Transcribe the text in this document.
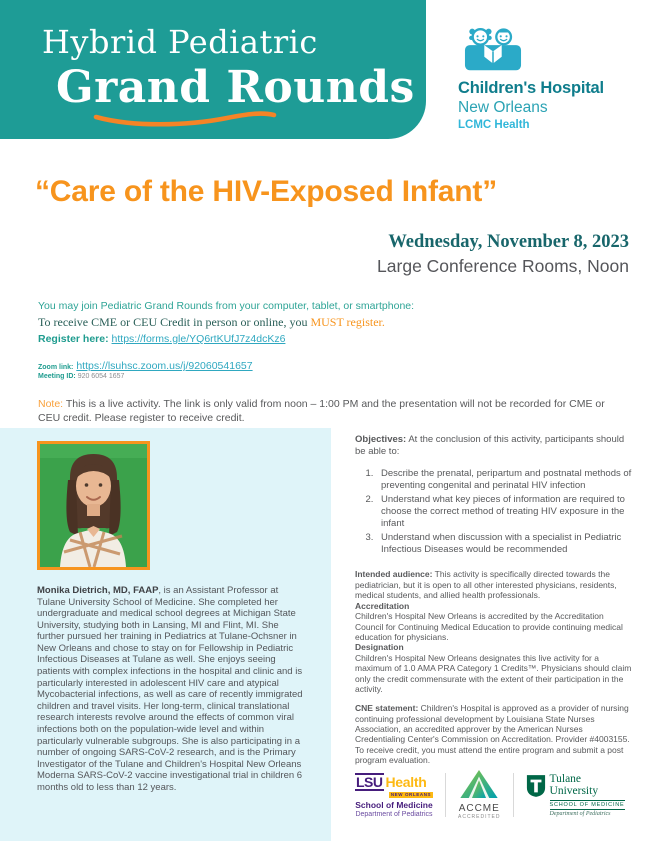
Hybrid Pediatric
Grand Rounds	Children's Hospital
New Orleans
LCMC Health
“Care of the HIV-Exposed Infant”
Wednesday, November 8, 2023
Large Conference Rooms, Noon
You may join Pediatric Grand Rounds from your computer, tablet, or smartphone:
To receive CME or CEU Credit in person or online, you MUST register.
Register here: https://forms.gle/YQ6rtKUfJ7z4dcKz6
Zoom link: https://lsuhsc.zoom.us/j/92060541657
Meeting ID: 920 6054 1657
Note: This is a live activity. The link is only valid from noon – 1:00 PM and the presentation will not be recorded for CME or CEU credit. Please register to receive credit.
Monika Dietrich, MD, FAAP, is an Assistant Professor at Tulane University School of Medicine. She completed her undergraduate and medical school degrees at Michigan State University, studying both in Lansing, MI and Flint, MI. She further pursued her training in Pediatrics at Tulane-Ochsner in New Orleans and chose to stay on for Fellowship in Pediatric Infectious Diseases at Tulane as well. She enjoys seeing patients with complex infections in the hospital and clinic and is particularly interested in adolescent HIV care and atypical Mycobacterial infections, as well as care of recently immigrated children and travel visits. Her long-term, clinical translational research interests revolve around the effects of common viral infections both on the population-wide level and within particularly vulnerable subgroups. She is also participating in a number of ongoing SARS-CoV-2 research, and is the Primary Investigator of the Tulane and Children's Hospital New Orleans Moderna SARS-CoV-2 vaccine investigational trial in children 6 months old to less than 12 years.
Objectives: At the conclusion of this activity, participants should be able to:
1. Describe the prenatal, peripartum and postnatal methods of preventing congenital and perinatal HIV infection
2. Understand what key pieces of information are required to choose the correct method of treating HIV exposure in the infant
3. Understand when discussion with a specialist in Pediatric Infectious Diseases would be recommended
Intended audience: This activity is specifically directed towards the pediatrician, but it is open to all other interested physicians, residents, medical students, and allied health professionals.
Accreditation
Children's Hospital New Orleans is accredited by the Accreditation Council for Continuing Medical Education to provide continuing medical education for physicians.
Designation
Children's Hospital New Orleans designates this live activity for a maximum of 1.0 AMA PRA Category 1 Credits™. Physicians should claim only the credit commensurate with the extent of their participation in the activity.
CNE statement: Children's Hospital is approved as a provider of nursing continuing professional development by Louisiana State Nurses Association, an accredited approver by the American Nurses Credentialing Center's Commission on Accreditation. Provider #4003155. To receive credit, you must attend the entire program and submit a post program evaluation.
LSU Health
NEW ORLEANS
School of Medicine
Department of Pediatrics	ACCME
ACCREDITED
Tulane
University
SCHOOL OF MEDICINE
Department of Pediatrics
